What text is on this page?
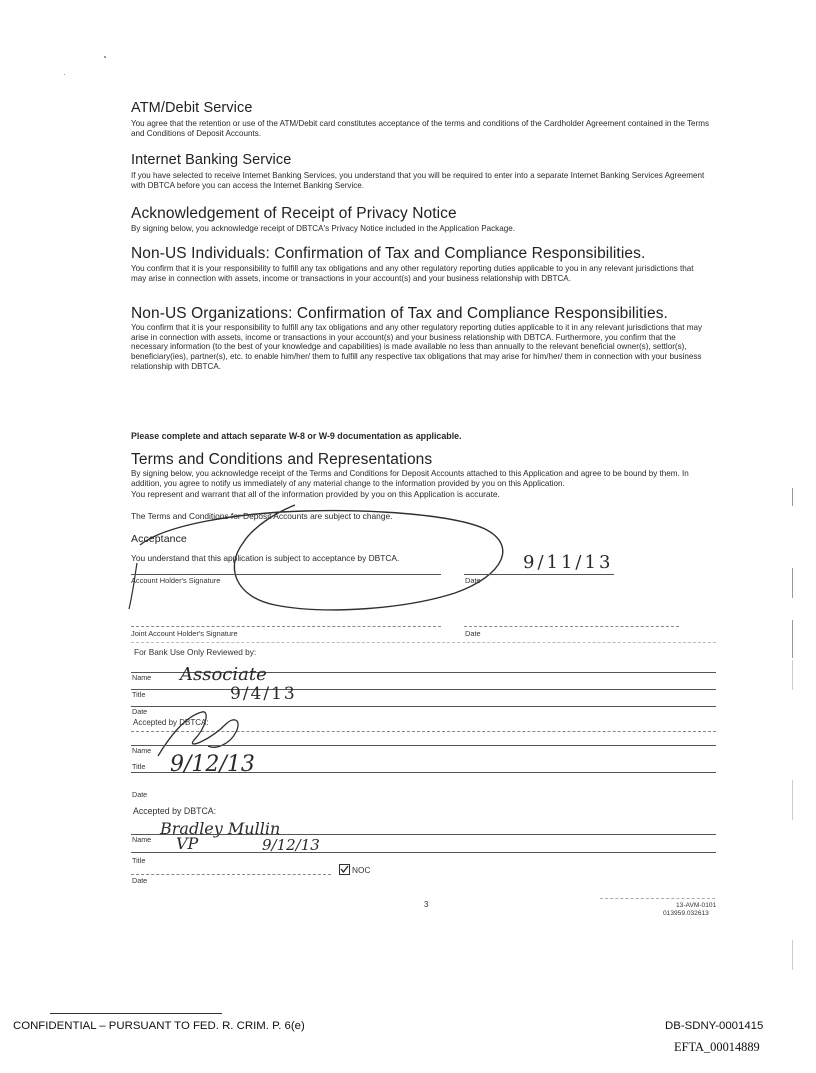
ATM/Debit Service
You agree that the retention or use of the ATM/Debit card constitutes acceptance of the terms and conditions of the Cardholder Agreement contained in the Terms and Conditions of Deposit Accounts.
Internet Banking Service
If you have selected to receive Internet Banking Services, you understand that you will be required to enter into a separate Internet Banking Services Agreement with DBTCA before you can access the Internet Banking Service.
Acknowledgement of Receipt of Privacy Notice
By signing below, you acknowledge receipt of DBTCA's Privacy Notice included in the Application Package.
Non-US Individuals: Confirmation of Tax and Compliance Responsibilities.
You confirm that it is your responsibility to fulfill any tax obligations and any other regulatory reporting duties applicable to you in any relevant jurisdictions that may arise in connection with assets, income or transactions in your account(s) and your business relationship with DBTCA.
Non-US Organizations: Confirmation of Tax and Compliance Responsibilities.
You confirm that it is your responsibility to fulfill any tax obligations and any other regulatory reporting duties applicable to it in any relevant jurisdictions that may arise in connection with assets, income or transactions in your account(s) and your business relationship with DBTCA. Furthermore, you confirm that the necessary information (to the best of your knowledge and capabilities) is made available no less than annually to the relevant beneficial owner(s), settlor(s), beneficiary(ies), partner(s), etc. to enable him/her/ them to fulfill any respective tax obligations that may arise for him/her/ them in connection with your business relationship with DBTCA.
Please complete and attach separate W-8 or W-9 documentation as applicable.
Terms and Conditions and Representations
By signing below, you acknowledge receipt of the Terms and Conditions for Deposit Accounts attached to this Application and agree to be bound by them. In addition, you agree to notify us immediately of any material change to the information provided by you on this Application.
You represent and warrant that all of the information provided by you on this Application is accurate.
The Terms and Conditions for Deposit Accounts are subject to change.
Acceptance
You understand that this application is subject to acceptance by DBTCA.
Account Holder's Signature	Date
9/11/13
Joint Account Holder's Signature	Date
For Bank Use Only Reviewed by:
Name Associate
Title	9/4/13
Date
Accepted by DBTCA:
Name
Title 9/12/13
Date
Accepted by DBTCA:
Bradley Mullin
Name VP	9/12/13
Title
NOC
Date
3	13-AVM-0101
013959.032613
CONFIDENTIAL – PURSUANT TO FED. R. CRIM. P. 6(e)	DB-SDNY-0001415
EFTA_00014889
